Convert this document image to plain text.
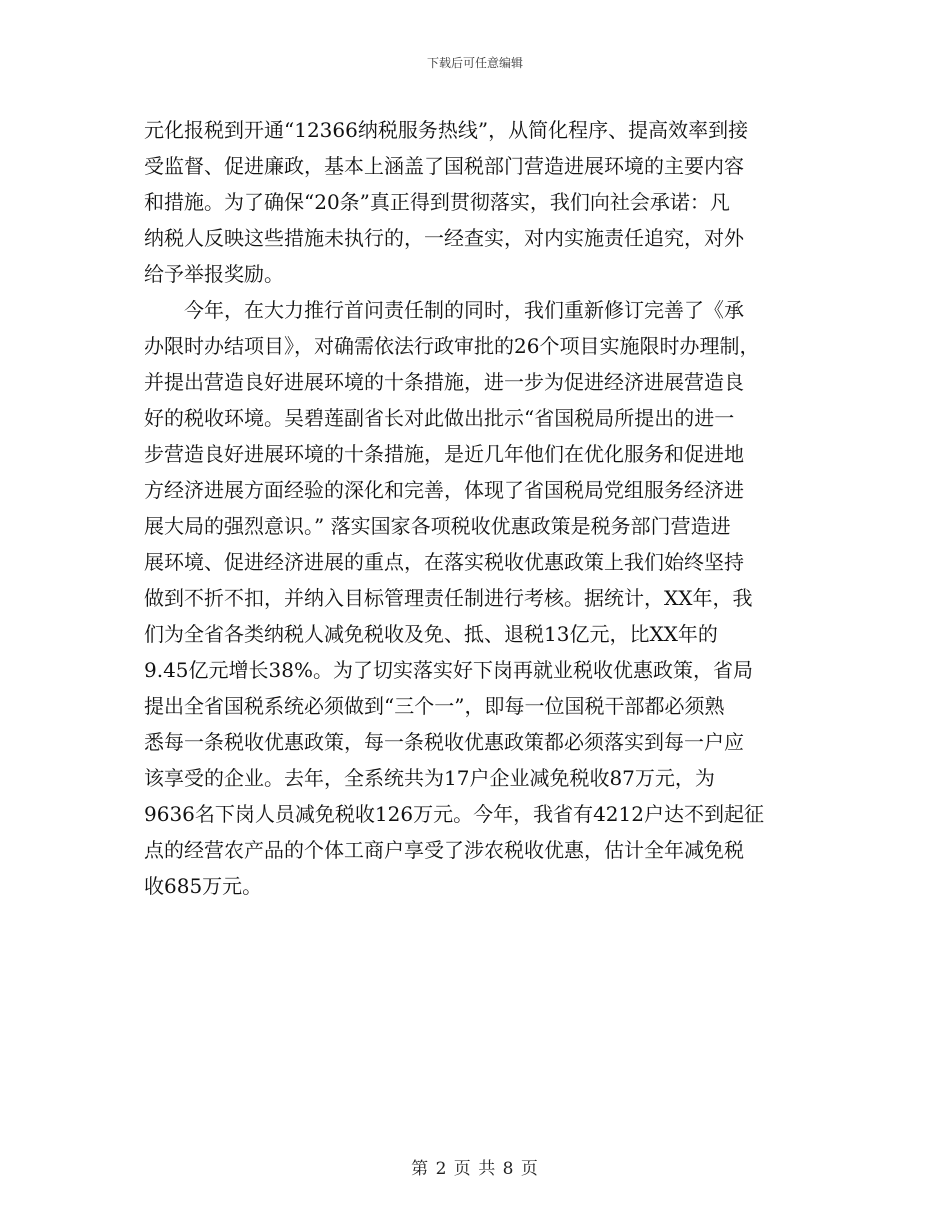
下载后可任意编辑
元化报税到开通“12366纳税服务热线”，从简化程序、提高效率到接
受监督、促进廉政，基本上涵盖了国税部门营造进展环境的主要内容
和措施。为了确保“20条”真正得到贯彻落实，我们向社会承诺：凡
纳税人反映这些措施未执行的，一经查实，对内实施责任追究，对外
给予举报奖励。
今年，在大力推行首问责任制的同时，我们重新修订完善了《承
办限时办结项目》，对确需依法行政审批的26个项目实施限时办理制，
并提出营造良好进展环境的十条措施，进一步为促进经济进展营造良
好的税收环境。吴碧莲副省长对此做出批示“省国税局所提出的进一
步营造良好进展环境的十条措施，是近几年他们在优化服务和促进地
方经济进展方面经验的深化和完善，体现了省国税局党组服务经济进
展大局的强烈意识。” 落实国家各项税收优惠政策是税务部门营造进
展环境、促进经济进展的重点，在落实税收优惠政策上我们始终坚持
做到不折不扣，并纳入目标管理责任制进行考核。据统计，XX年，我
们为全省各类纳税人减免税收及免、抵、退税13亿元，比XX年的
9.45亿元增长38%。为了切实落实好下岗再就业税收优惠政策，省局
提出全省国税系统必须做到“三个一”，即每一位国税干部都必须熟
悉每一条税收优惠政策，每一条税收优惠政策都必须落实到每一户应
该享受的企业。去年，全系统共为17户企业减免税收87万元，为
9636名下岗人员减免税收126万元。今年，我省有4212户达不到起征
点的经营农产品的个体工商户享受了涉农税收优惠，估计全年减免税
收685万元。
第 2 页 共 8 页
